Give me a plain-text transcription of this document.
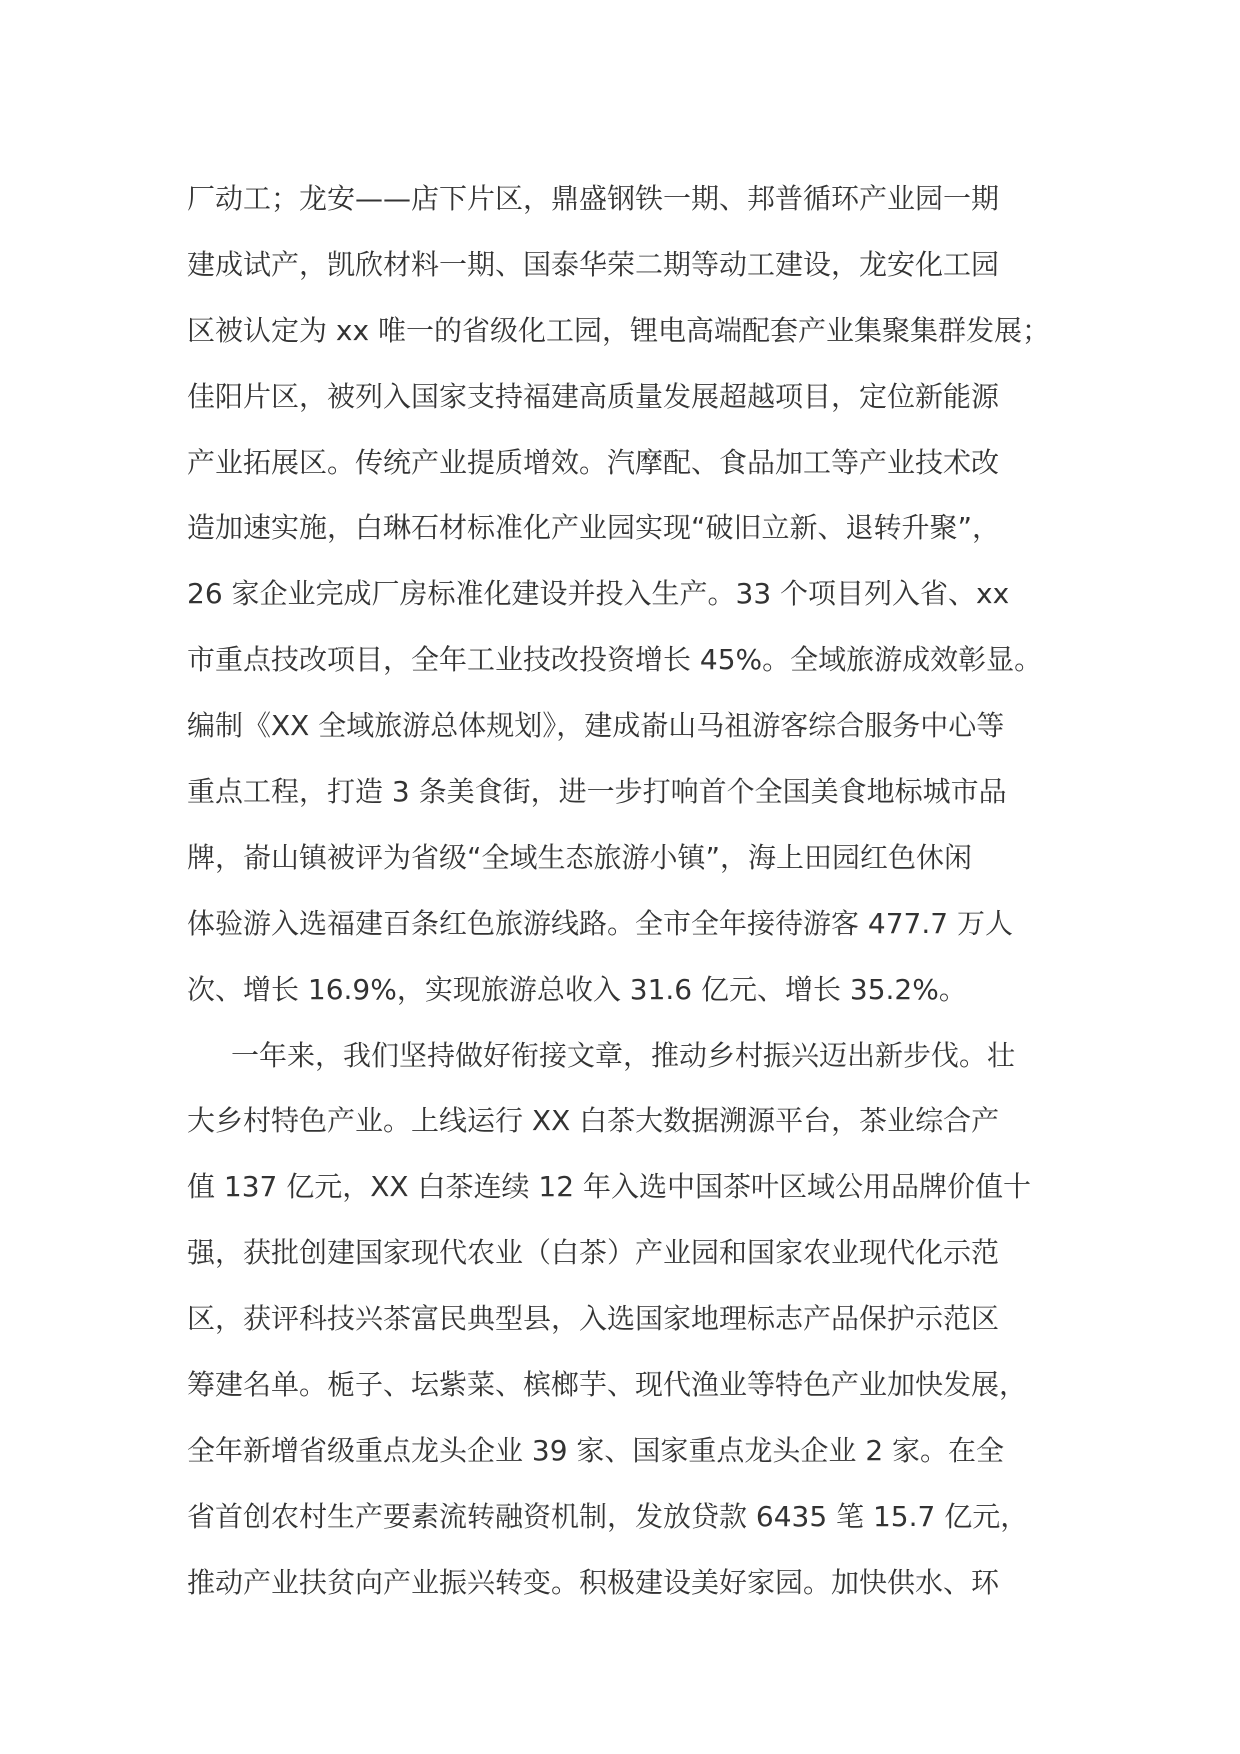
厂动工；龙安——店下片区，鼎盛钢铁一期、邦普循环产业园一期
建成试产，凯欣材料一期、国泰华荣二期等动工建设，龙安化工园
区被认定为 xx 唯一的省级化工园，锂电高端配套产业集聚集群发展；
佳阳片区，被列入国家支持福建高质量发展超越项目，定位新能源
产业拓展区。传统产业提质增效。汽摩配、食品加工等产业技术改
造加速实施，白琳石材标准化产业园实现“破旧立新、退转升聚”，
26 家企业完成厂房标准化建设并投入生产。33 个项目列入省、xx
市重点技改项目，全年工业技改投资增长 45%。全域旅游成效彰显。
编制《XX 全域旅游总体规划》，建成嵛山马祖游客综合服务中心等
重点工程，打造 3 条美食街，进一步打响首个全国美食地标城市品
牌，嵛山镇被评为省级“全域生态旅游小镇”，海上田园红色休闲
体验游入选福建百条红色旅游线路。全市全年接待游客 477.7 万人
次、增长 16.9%，实现旅游总收入 31.6 亿元、增长 35.2%。
一年来，我们坚持做好衔接文章，推动乡村振兴迈出新步伐。壮
大乡村特色产业。上线运行 XX 白茶大数据溯源平台，茶业综合产
值 137 亿元，XX 白茶连续 12 年入选中国茶叶区域公用品牌价值十
强，获批创建国家现代农业（白茶）产业园和国家农业现代化示范
区，获评科技兴茶富民典型县，入选国家地理标志产品保护示范区
筹建名单。栀子、坛紫菜、槟榔芋、现代渔业等特色产业加快发展，
全年新增省级重点龙头企业 39 家、国家重点龙头企业 2 家。在全
省首创农村生产要素流转融资机制，发放贷款 6435 笔 15.7 亿元，
推动产业扶贫向产业振兴转变。积极建设美好家园。加快供水、环
